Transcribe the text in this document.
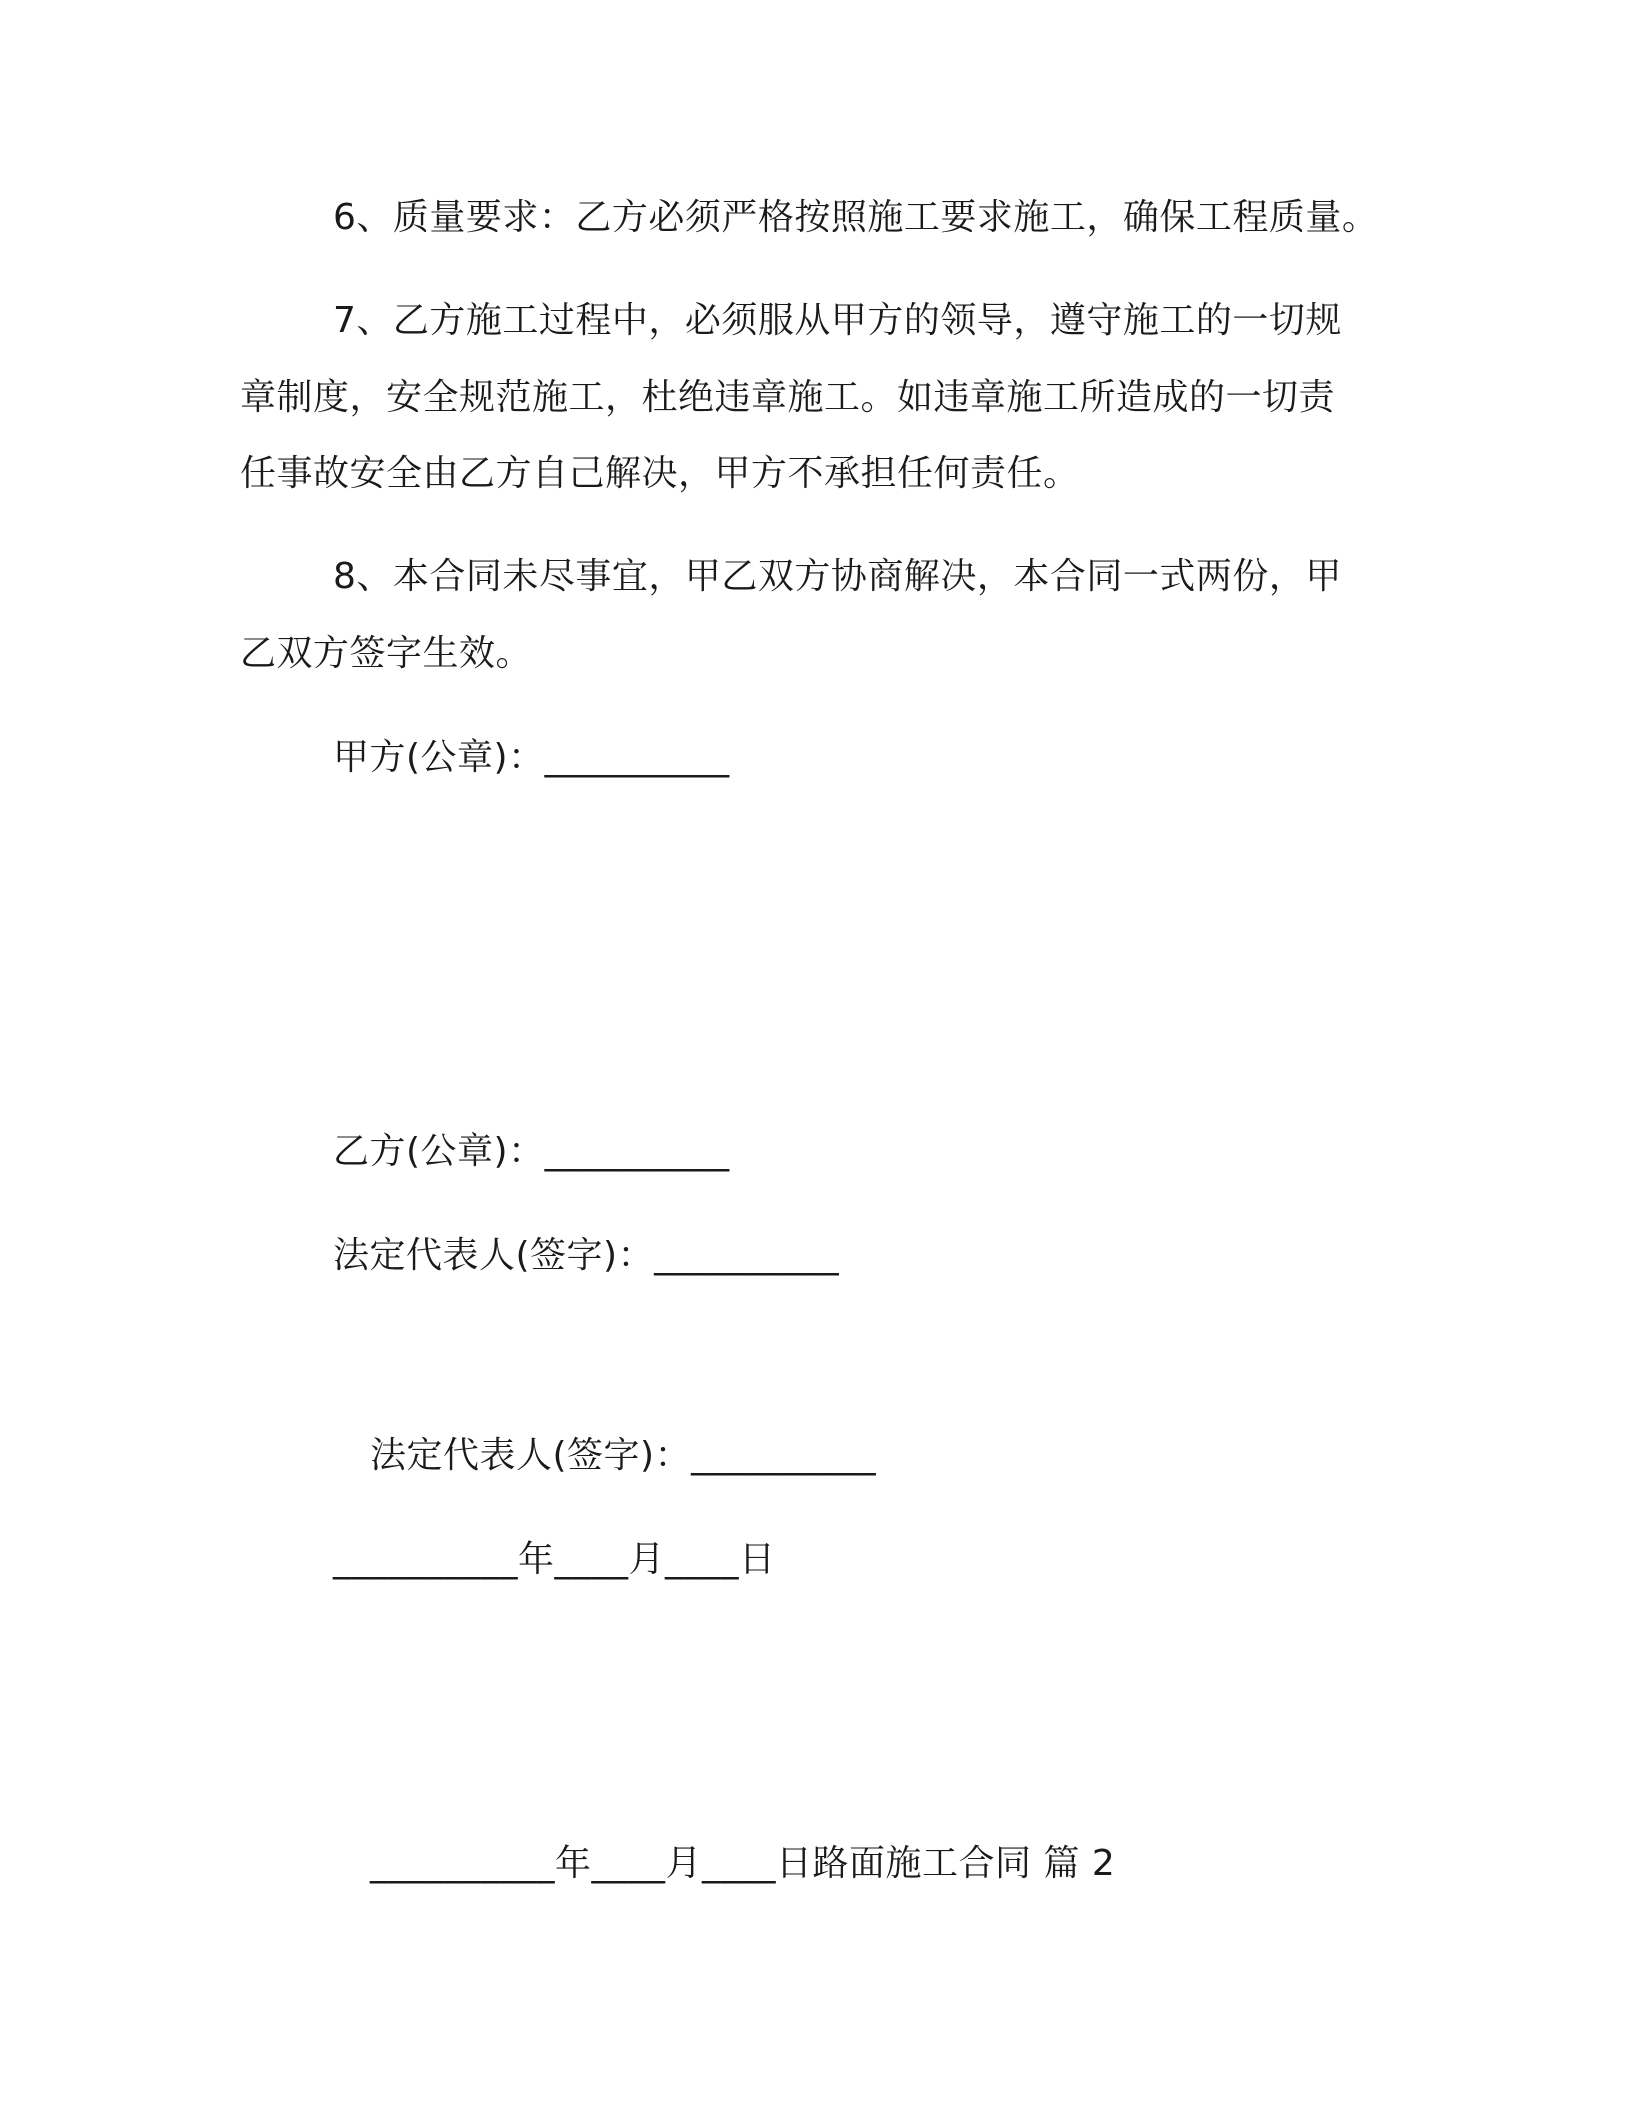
6、质量要求：乙方必须严格按照施工要求施工，确保工程质量。
7、乙方施工过程中，必须服从甲方的领导，遵守施工的一切规
章制度，安全规范施工，杜绝违章施工。如违章施工所造成的一切责
任事故安全由乙方自己解决，甲方不承担任何责任。
8、本合同未尽事宜，甲乙双方协商解决，本合同一式两份，甲
乙双方签字生效。
甲方(公章)：__________
乙方(公章)：__________
法定代表人(签字)：__________
法定代表人(签字)：__________
__________年____月____日
__________年____月____日路面施工合同 篇 2
